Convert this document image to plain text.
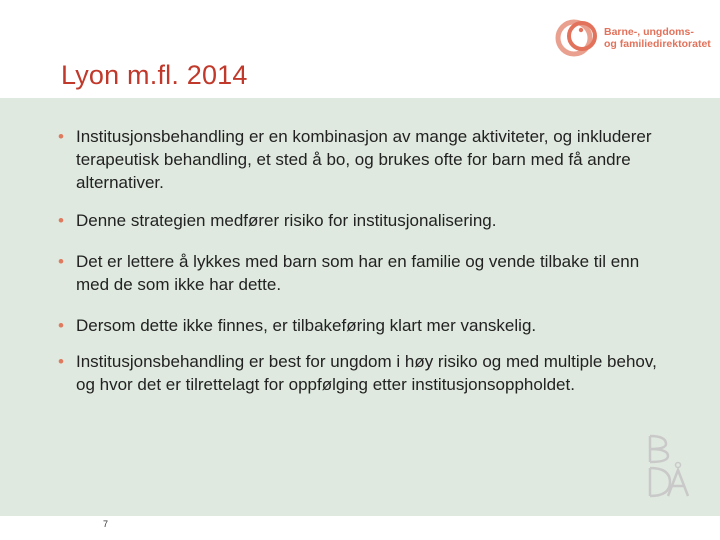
Lyon m.fl. 2014
Barne-, ungdoms-
og familiedirektoratet
• Institusjonsbehandling er en kombinasjon av mange aktiviteter, og inkluderer terapeutisk behandling, et sted å bo, og brukes ofte for barn med få andre alternativer.
• Denne strategien medfører risiko for institusjonalisering.
• Det er lettere å lykkes med barn som har en familie og vende tilbake til enn med de som ikke har dette.
• Dersom dette ikke finnes, er tilbakeføring klart mer vanskelig.
• Institusjonsbehandling er best for ungdom i høy risiko og med multiple behov, og hvor det er tilrettelagt for oppfølging etter institusjonsoppholdet.
7
